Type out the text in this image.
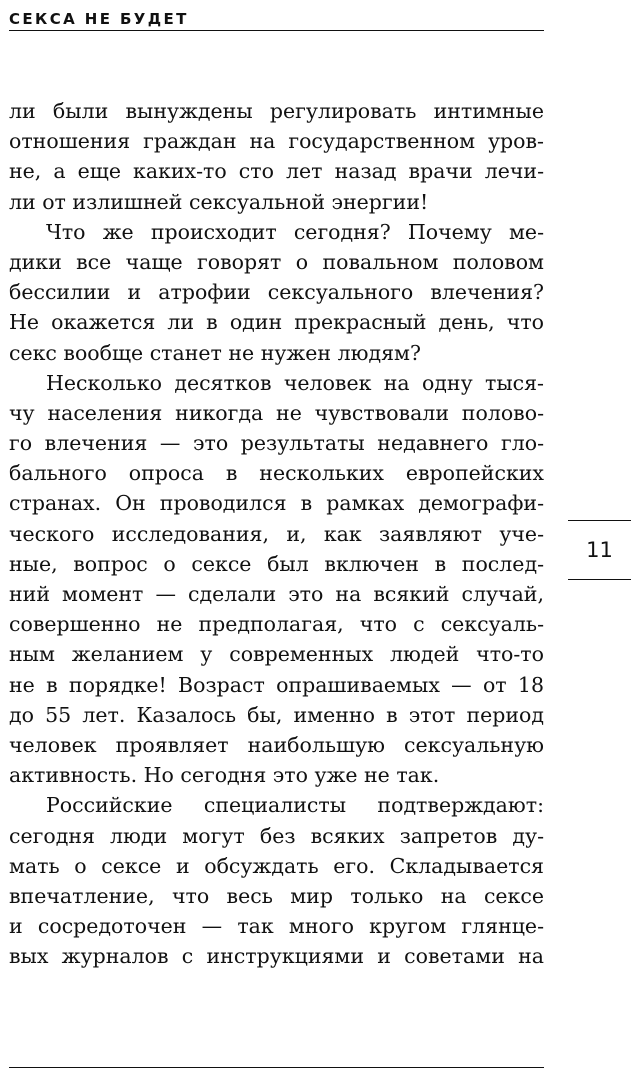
СЕКСА НЕ БУДЕТ
ли были вынуждены регулировать интимные
отношения граждан на государственном уров-
не, а еще каких-то сто лет назад врачи лечи-
ли от излишней сексуальной энергии!
Что же происходит сегодня? Почему ме-
дики все чаще говорят о повальном половом
бессилии и атрофии сексуального влечения?
Не окажется ли в один прекрасный день, что
секс вообще станет не нужен людям?
Несколько десятков человек на одну тыся-
чу населения никогда не чувствовали полово-
го влечения — это результаты недавнего гло-
бального опроса в нескольких европейских
странах. Он проводился в рамках демографи-
ческого исследования, и, как заявляют уче-
ные, вопрос о сексе был включен в послед-
ний момент — сделали это на всякий случай,
совершенно не предполагая, что с сексуаль-
ным желанием у современных людей что-то
не в порядке! Возраст опрашиваемых — от 18
до 55 лет. Казалось бы, именно в этот период
человек проявляет наибольшую сексуальную
активность. Но сегодня это уже не так.
Российские специалисты подтверждают:
сегодня люди могут без всяких запретов ду-
мать о сексе и обсуждать его. Складывается
впечатление, что весь мир только на сексе
и сосредоточен — так много кругом глянце-
вых журналов с инструкциями и советами на
11
